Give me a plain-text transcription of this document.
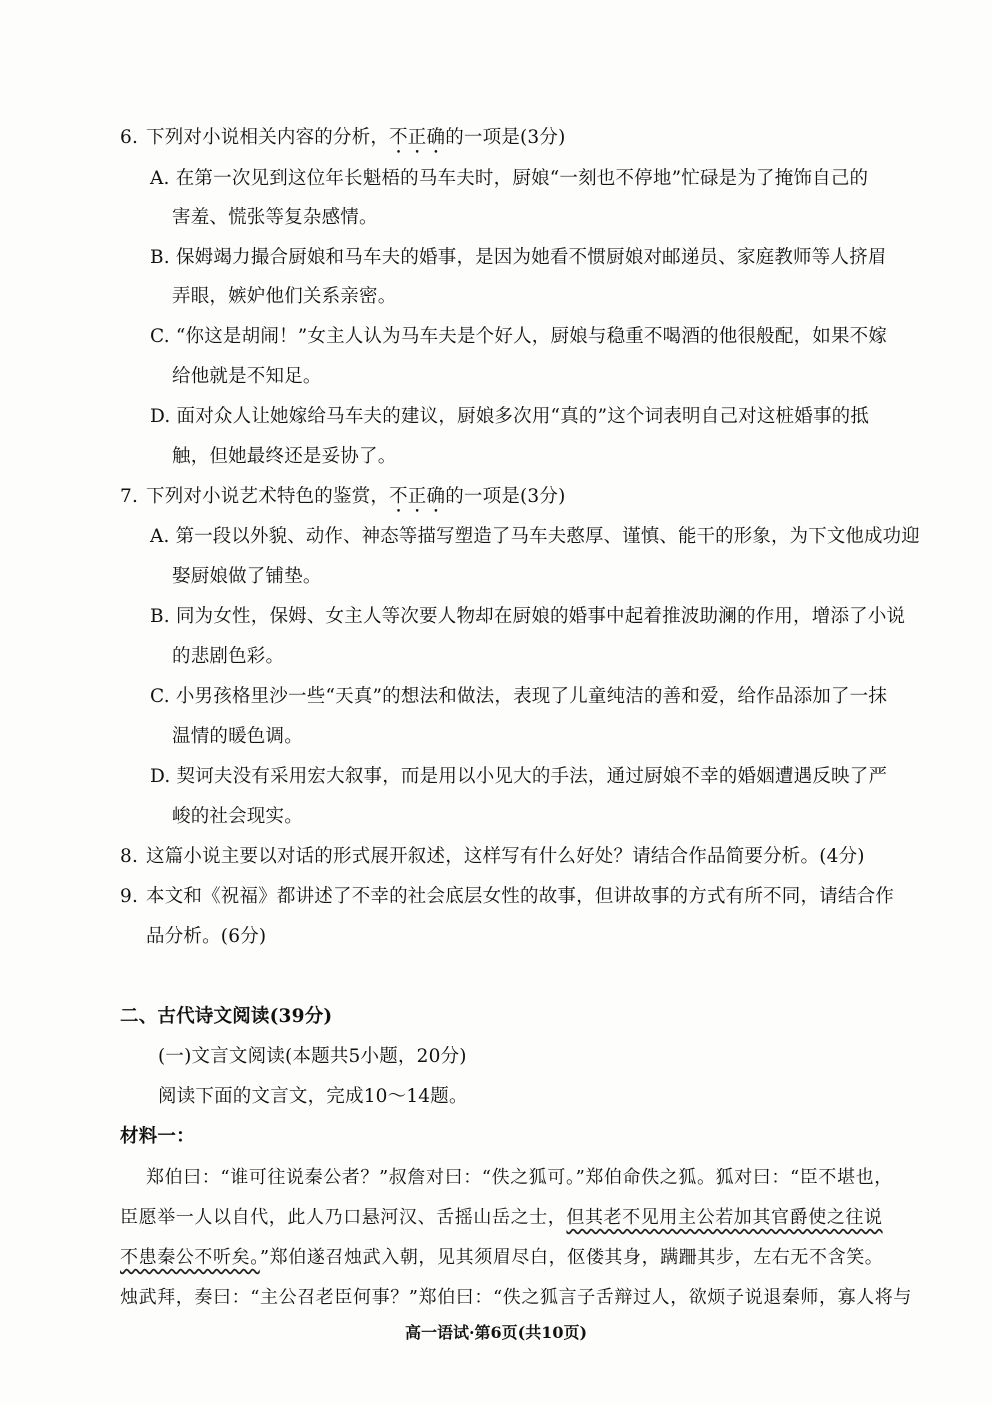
6. 下列对小说相关内容的分析，不正确的一项是(3分)
A. 在第一次见到这位年长魁梧的马车夫时，厨娘“一刻也不停地”忙碌是为了掩饰自己的
害羞、慌张等复杂感情。
B. 保姆竭力撮合厨娘和马车夫的婚事，是因为她看不惯厨娘对邮递员、家庭教师等人挤眉
弄眼，嫉妒他们关系亲密。
C. “你这是胡闹！”女主人认为马车夫是个好人，厨娘与稳重不喝酒的他很般配，如果不嫁
给他就是不知足。
D. 面对众人让她嫁给马车夫的建议，厨娘多次用“真的”这个词表明自己对这桩婚事的抵
触，但她最终还是妥协了。
7. 下列对小说艺术特色的鉴赏，不正确的一项是(3分)
A. 第一段以外貌、动作、神态等描写塑造了马车夫憨厚、谨慎、能干的形象，为下文他成功迎
娶厨娘做了铺垫。
B. 同为女性，保姆、女主人等次要人物却在厨娘的婚事中起着推波助澜的作用，增添了小说
的悲剧色彩。
C. 小男孩格里沙一些“天真”的想法和做法，表现了儿童纯洁的善和爱，给作品添加了一抹
温情的暖色调。
D. 契诃夫没有采用宏大叙事，而是用以小见大的手法，通过厨娘不幸的婚姻遭遇反映了严
峻的社会现实。
8. 这篇小说主要以对话的形式展开叙述，这样写有什么好处？请结合作品简要分析。(4分)
9. 本文和《祝福》都讲述了不幸的社会底层女性的故事，但讲故事的方式有所不同，请结合作
品分析。(6分)
二、古代诗文阅读(39分)
(一)文言文阅读(本题共5小题，20分)
阅读下面的文言文，完成10～14题。
材料一：
郑伯曰：“谁可往说秦公者？”叔詹对曰：“佚之狐可。”郑伯命佚之狐。狐对曰：“臣不堪也，
臣愿举一人以自代，此人乃口悬河汉、舌摇山岳之士，但其老不见用主公若加其官爵使之往说
不患秦公不听矣。”郑伯遂召烛武入朝，见其须眉尽白，伛偻其身，蹒跚其步，左右无不含笑。
烛武拜，奏曰：“主公召老臣何事？”郑伯曰：“佚之狐言子舌辩过人，欲烦子说退秦师，寡人将与
高一语试·第6页(共10页)
